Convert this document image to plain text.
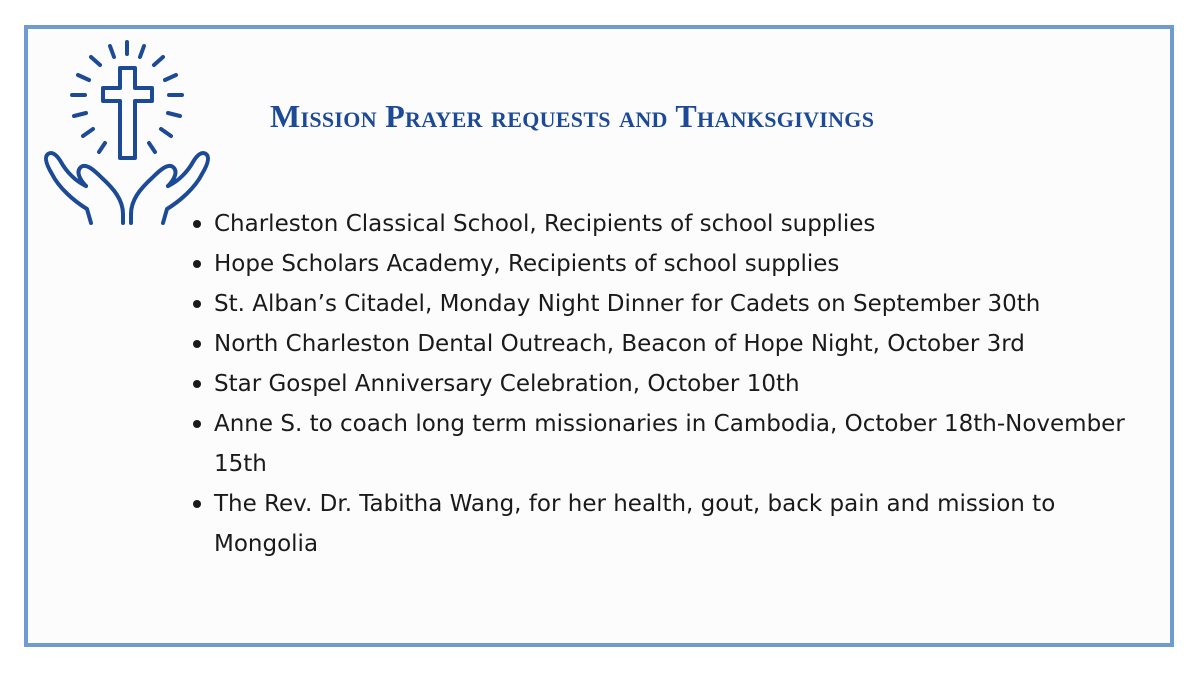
Mission Prayer requests and Thanksgivings
Charleston Classical School, Recipients of school supplies
Hope Scholars Academy, Recipients of school supplies
St. Alban’s Citadel, Monday Night Dinner for Cadets on September 30th
North Charleston Dental Outreach, Beacon of Hope Night, October 3rd
Star Gospel Anniversary Celebration, October 10th
Anne S. to coach long term missionaries in Cambodia, October 18th-November 15th
The Rev. Dr. Tabitha Wang, for her health, gout, back pain and mission to Mongolia
